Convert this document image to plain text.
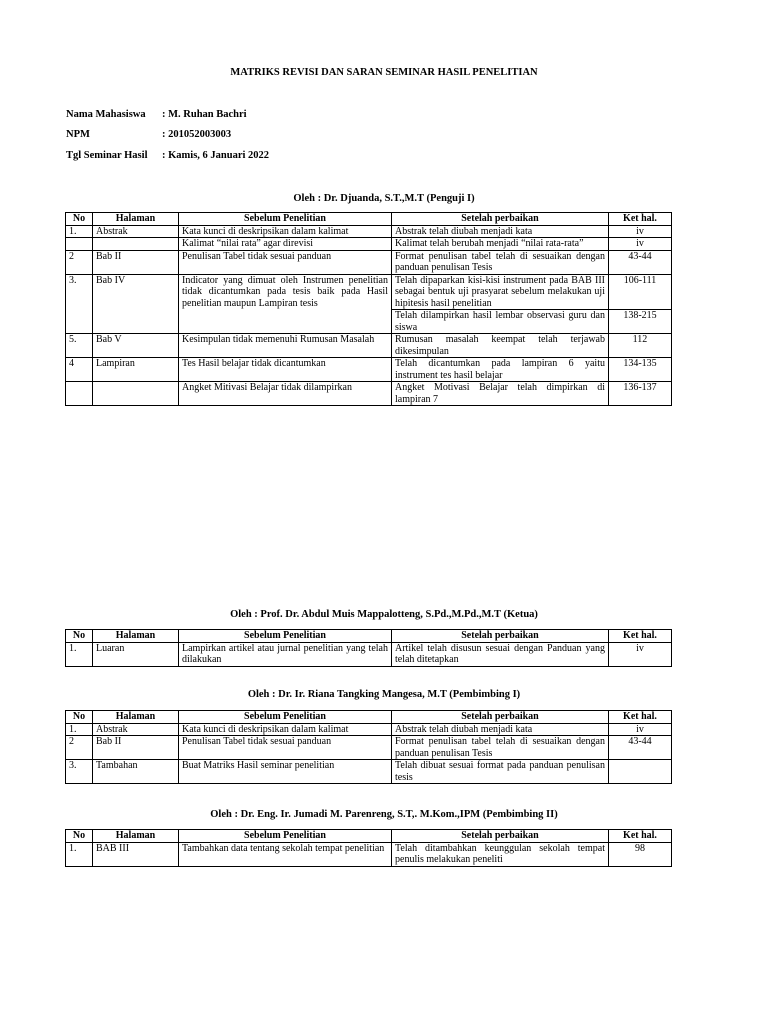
MATRIKS REVISI DAN SARAN SEMINAR HASIL PENELITIAN
Nama Mahasiswa : M. Ruhan Bachri
NPM	: 201052003003
Tgl Seminar Hasil : Kamis, 6 Januari 2022
Oleh : Dr. Djuanda, S.T.,M.T (Penguji I)
No	Halaman	Sebelum Penelitian	Setelah perbaikan	Ket hal.
1.	Abstrak	Kata kunci di deskripsikan dalam kalimat	Abstrak telah diubah menjadi kata	iv
		Kalimat “nilai rata” agar direvisi	Kalimat telah berubah menjadi “nilai rata-rata”	iv
2	Bab II	Penulisan Tabel tidak sesuai panduan	Format penulisan tabel telah di sesuaikan dengan panduan penulisan Tesis	43-44
3.	Bab IV	Indicator yang dimuat oleh Instrumen penelitian tidak dicantumkan pada tesis baik pada Hasil penelitian maupun Lampiran tesis	Telah dipaparkan kisi-kisi instrument pada BAB III sebagai bentuk uji prasyarat sebelum melakukan uji hipitesis hasil penelitian	106-111
			Telah dilampirkan hasil lembar observasi guru dan siswa	138-215
5.	Bab V	Kesimpulan tidak memenuhi Rumusan Masalah	Rumusan masalah keempat telah terjawab dikesimpulan	112
4	Lampiran	Tes Hasil belajar tidak dicantumkan	Telah dicantumkan pada lampiran 6 yaitu instrument tes hasil belajar	134-135
		Angket Mitivasi Belajar tidak dilampirkan	Angket Motivasi Belajar telah dimpirkan di lampiran 7	136-137
Oleh : Prof. Dr. Abdul Muis Mappalotteng, S.Pd.,M.Pd.,M.T (Ketua)
No	Halaman	Sebelum Penelitian	Setelah perbaikan	Ket hal.
1.	Luaran	Lampirkan artikel atau jurnal penelitian yang telah dilakukan	Artikel telah disusun sesuai dengan Panduan yang telah ditetapkan	iv
Oleh : Dr. Ir. Riana Tangking Mangesa, M.T (Pembimbing I)
No	Halaman	Sebelum Penelitian	Setelah perbaikan	Ket hal.
1.	Abstrak	Kata kunci di deskripsikan dalam kalimat	Abstrak telah diubah menjadi kata	iv
2	Bab II	Penulisan Tabel tidak sesuai panduan	Format penulisan tabel telah di sesuaikan dengan panduan penulisan Tesis	43-44
3.	Tambahan	Buat Matriks Hasil seminar penelitian	Telah dibuat sesuai format pada panduan penulisan tesis	
Oleh : Dr. Eng. Ir. Jumadi M. Parenreng, S.T,. M.Kom.,IPM (Pembimbing II)
No	Halaman	Sebelum Penelitian	Setelah perbaikan	Ket hal.
1.	BAB III	Tambahkan data tentang sekolah tempat penelitian	Telah ditambahkan keunggulan sekolah tempat penulis melakukan peneliti	98
